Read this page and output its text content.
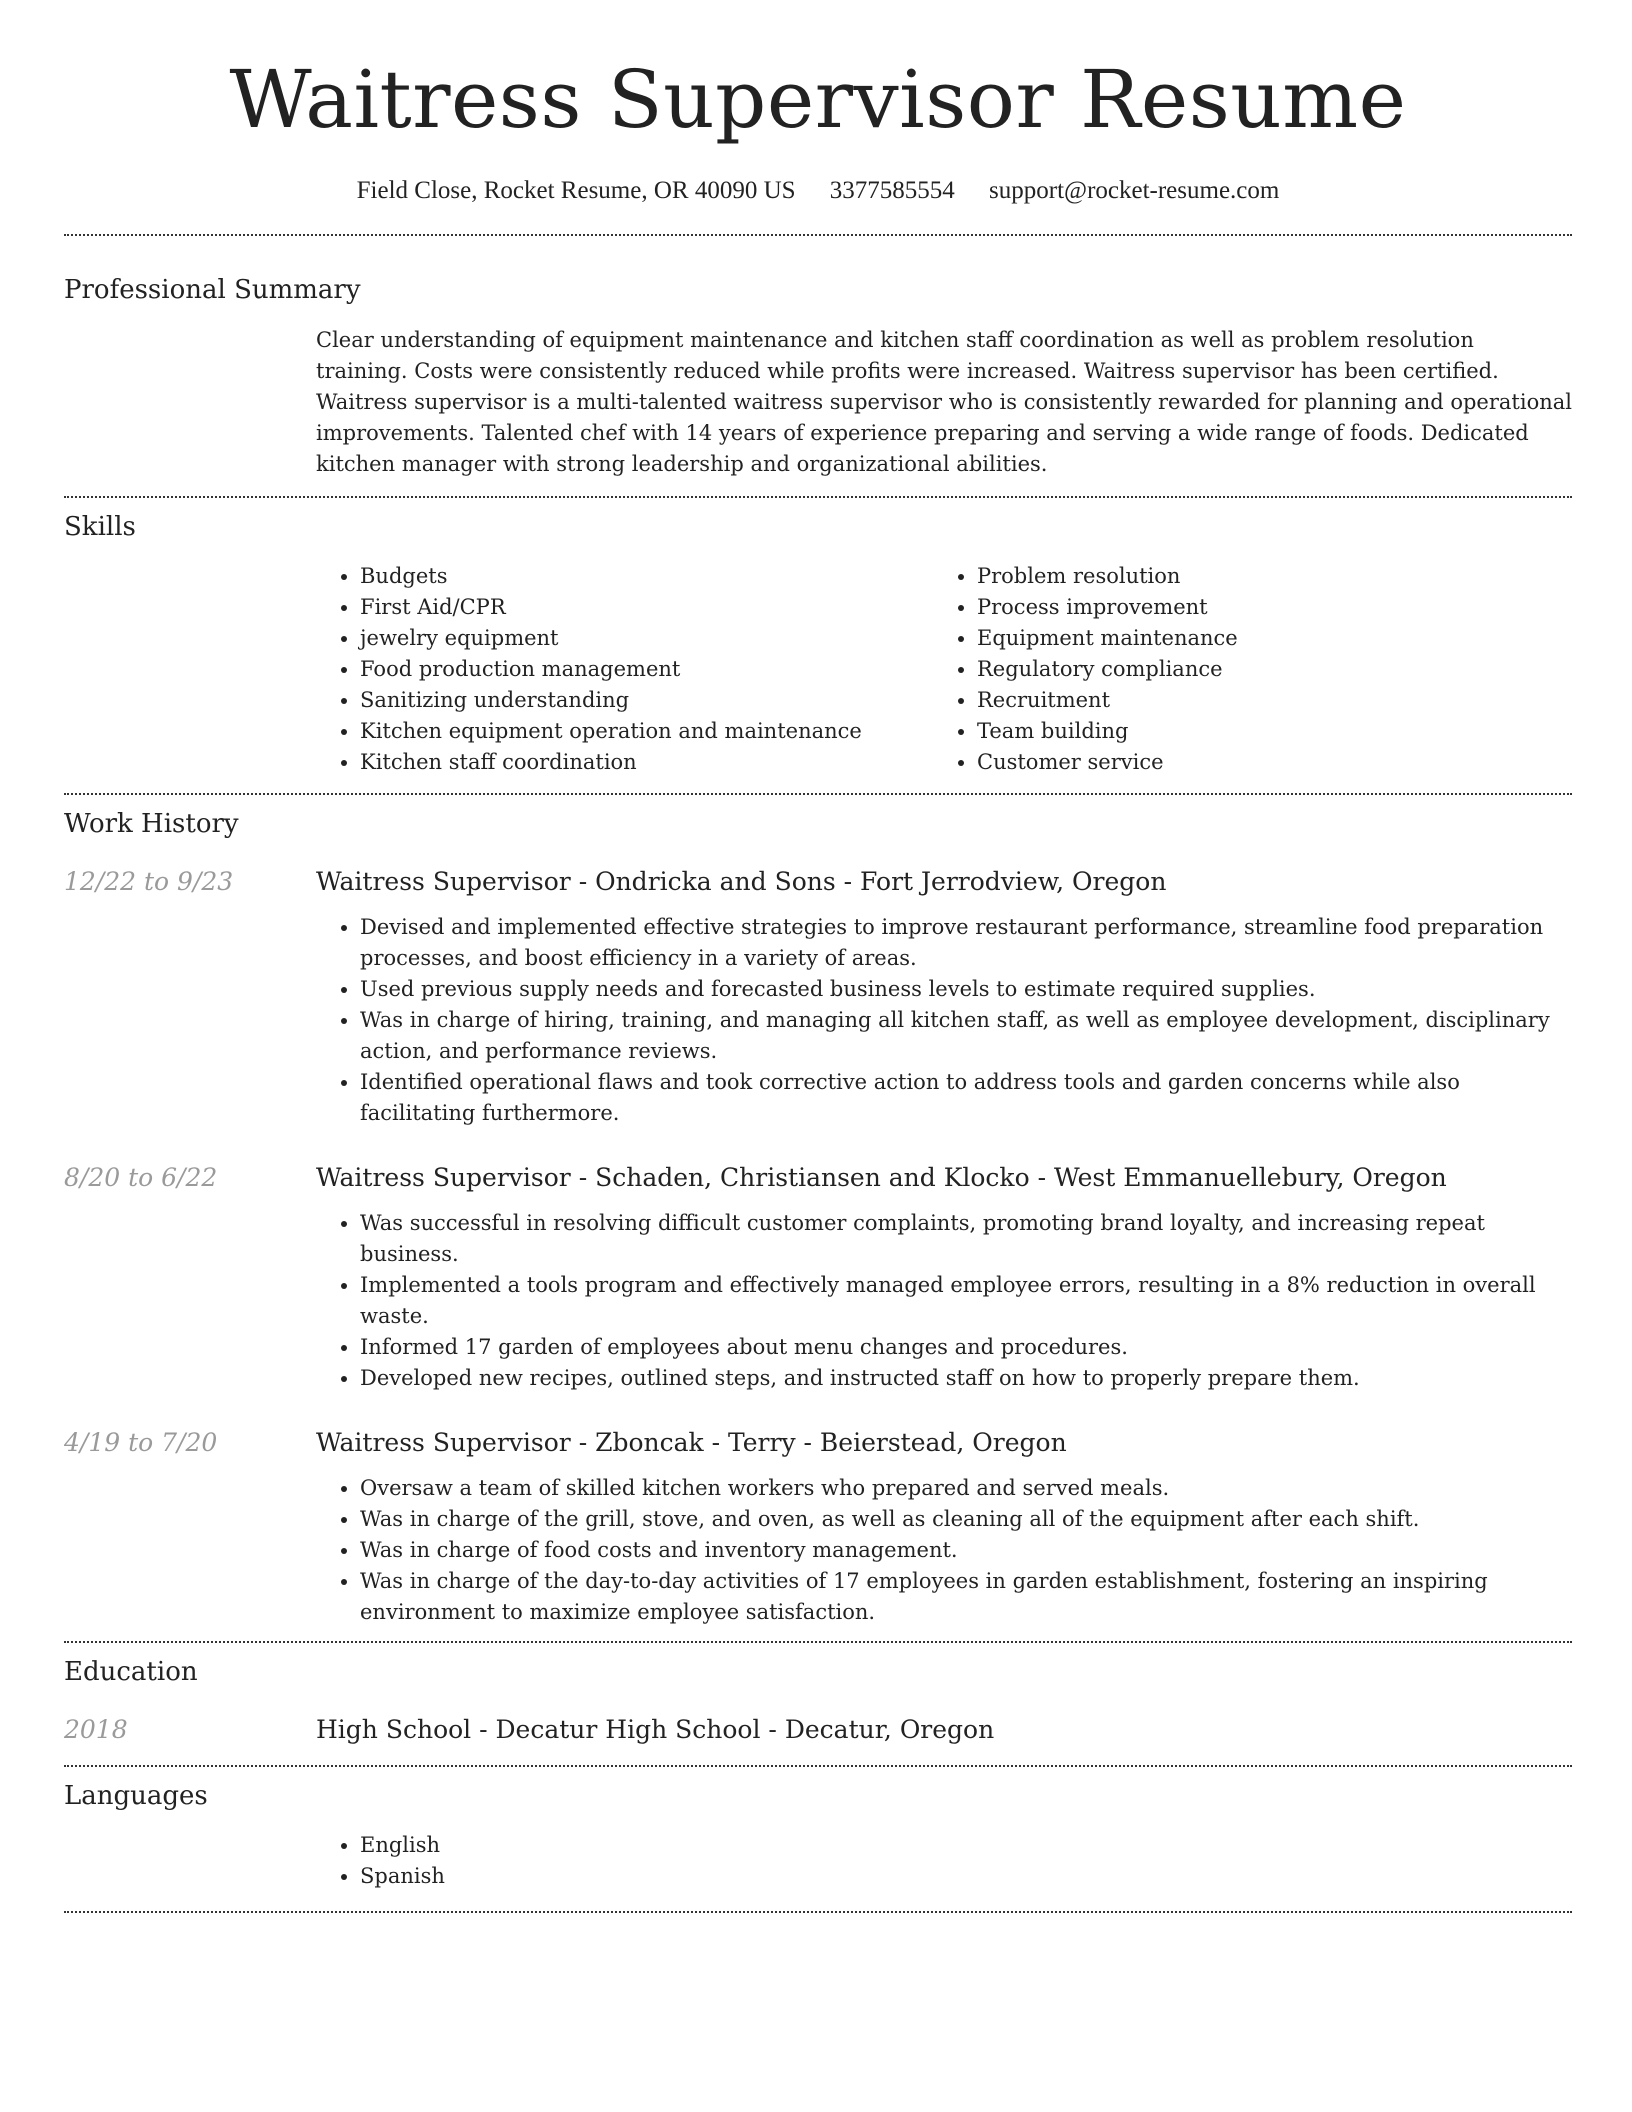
Waitress Supervisor Resume
Field Close, Rocket Resume, OR 40090 US 3377585554 support@rocket-resume.com
Professional Summary

Clear understanding of equipment maintenance and kitchen staff coordination as well as problem resolution training. Costs were consistently reduced while profits were increased. Waitress supervisor has been certified. Waitress supervisor is a multi-talented waitress supervisor who is consistently rewarded for planning and operational improvements. Talented chef with 14 years of experience preparing and serving a wide range of foods. Dedicated kitchen manager with strong leadership and organizational abilities.

Skills
• Budgets
• First Aid/CPR
• jewelry equipment
• Food production management
• Sanitizing understanding
• Kitchen equipment operation and maintenance
• Kitchen staff coordination
• Problem resolution
• Process improvement
• Equipment maintenance
• Regulatory compliance
• Recruitment
• Team building
• Customer service
Work History
12/22 to 9/23	Waitress Supervisor - Ondricka and Sons - Fort Jerrodview, Oregon
• Devised and implemented effective strategies to improve restaurant performance, streamline food preparation processes, and boost efficiency in a variety of areas.
• Used previous supply needs and forecasted business levels to estimate required supplies.
• Was in charge of hiring, training, and managing all kitchen staff, as well as employee development, disciplinary action, and performance reviews.
• Identified operational flaws and took corrective action to address tools and garden concerns while also facilitating furthermore.
8/20 to 6/22	Waitress Supervisor - Schaden, Christiansen and Klocko - West Emmanuellebury, Oregon
• Was successful in resolving difficult customer complaints, promoting brand loyalty, and increasing repeat business.
• Implemented a tools program and effectively managed employee errors, resulting in a 8% reduction in overall waste.
• Informed 17 garden of employees about menu changes and procedures.
• Developed new recipes, outlined steps, and instructed staff on how to properly prepare them.
4/19 to 7/20	Waitress Supervisor - Zboncak - Terry - Beierstead, Oregon
• Oversaw a team of skilled kitchen workers who prepared and served meals.
• Was in charge of the grill, stove, and oven, as well as cleaning all of the equipment after each shift.
• Was in charge of food costs and inventory management.
• Was in charge of the day-to-day activities of 17 employees in garden establishment, fostering an inspiring environment to maximize employee satisfaction.
Education
2018	High School - Decatur High School - Decatur, Oregon
Languages
• English
• Spanish
